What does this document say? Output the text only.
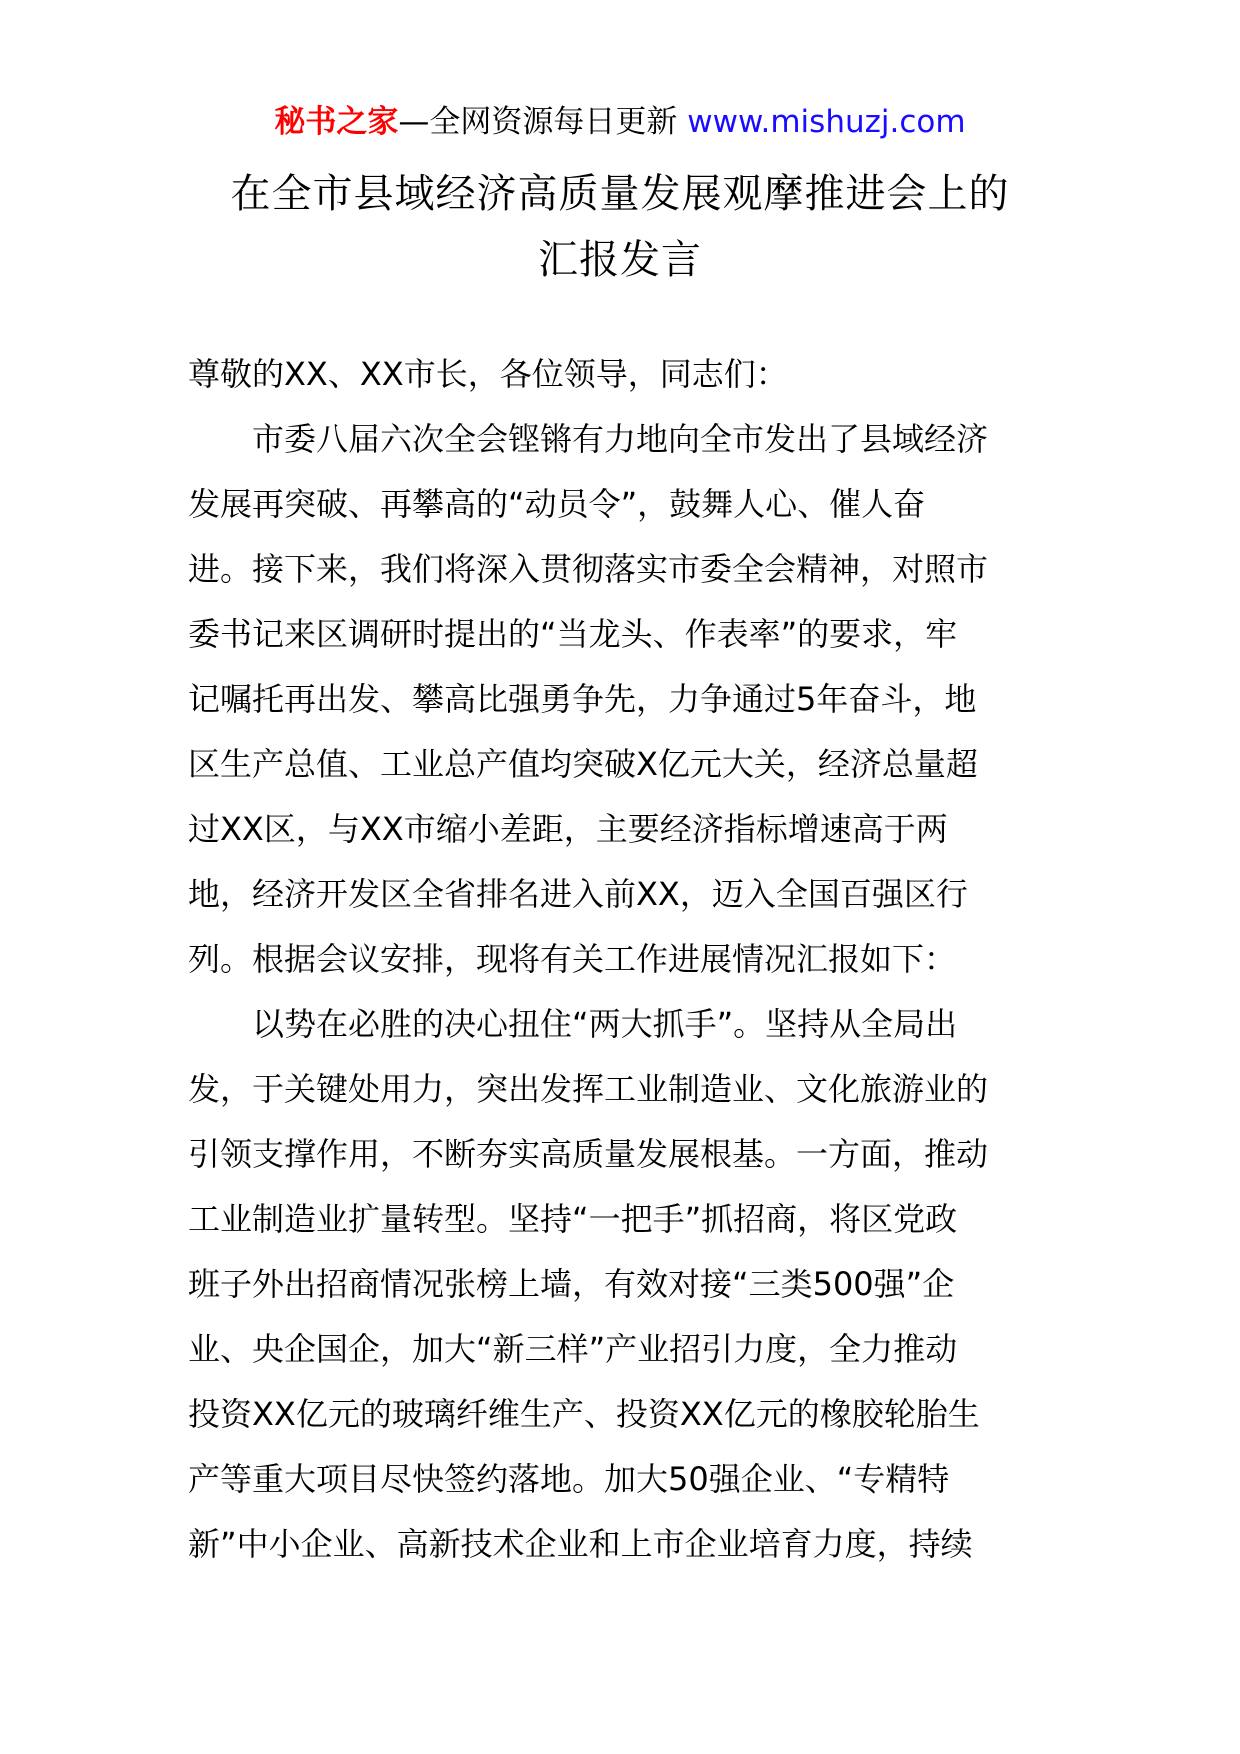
秘书之家—全网资源每日更新 www.mishuzj.com
在全市县域经济高质量发展观摩推进会上的
汇报发言
尊敬的XX、XX市长，各位领导，同志们：
　　市委八届六次全会铿锵有力地向全市发出了县域经济
发展再突破、再攀高的“动员令”，鼓舞人心、催人奋
进。接下来，我们将深入贯彻落实市委全会精神，对照市
委书记来区调研时提出的“当龙头、作表率”的要求，牢
记嘱托再出发、攀高比强勇争先，力争通过5年奋斗，地
区生产总值、工业总产值均突破X亿元大关，经济总量超
过XX区，与XX市缩小差距，主要经济指标增速高于两
地，经济开发区全省排名进入前XX，迈入全国百强区行
列。根据会议安排，现将有关工作进展情况汇报如下：
　　以势在必胜的决心扭住“两大抓手”。坚持从全局出
发，于关键处用力，突出发挥工业制造业、文化旅游业的
引领支撑作用，不断夯实高质量发展根基。一方面，推动
工业制造业扩量转型。坚持“一把手”抓招商，将区党政
班子外出招商情况张榜上墙，有效对接“三类500强”企
业、央企国企，加大“新三样”产业招引力度，全力推动
投资XX亿元的玻璃纤维生产、投资XX亿元的橡胶轮胎生
产等重大项目尽快签约落地。加大50强企业、“专精特
新”中小企业、高新技术企业和上市企业培育力度，持续
